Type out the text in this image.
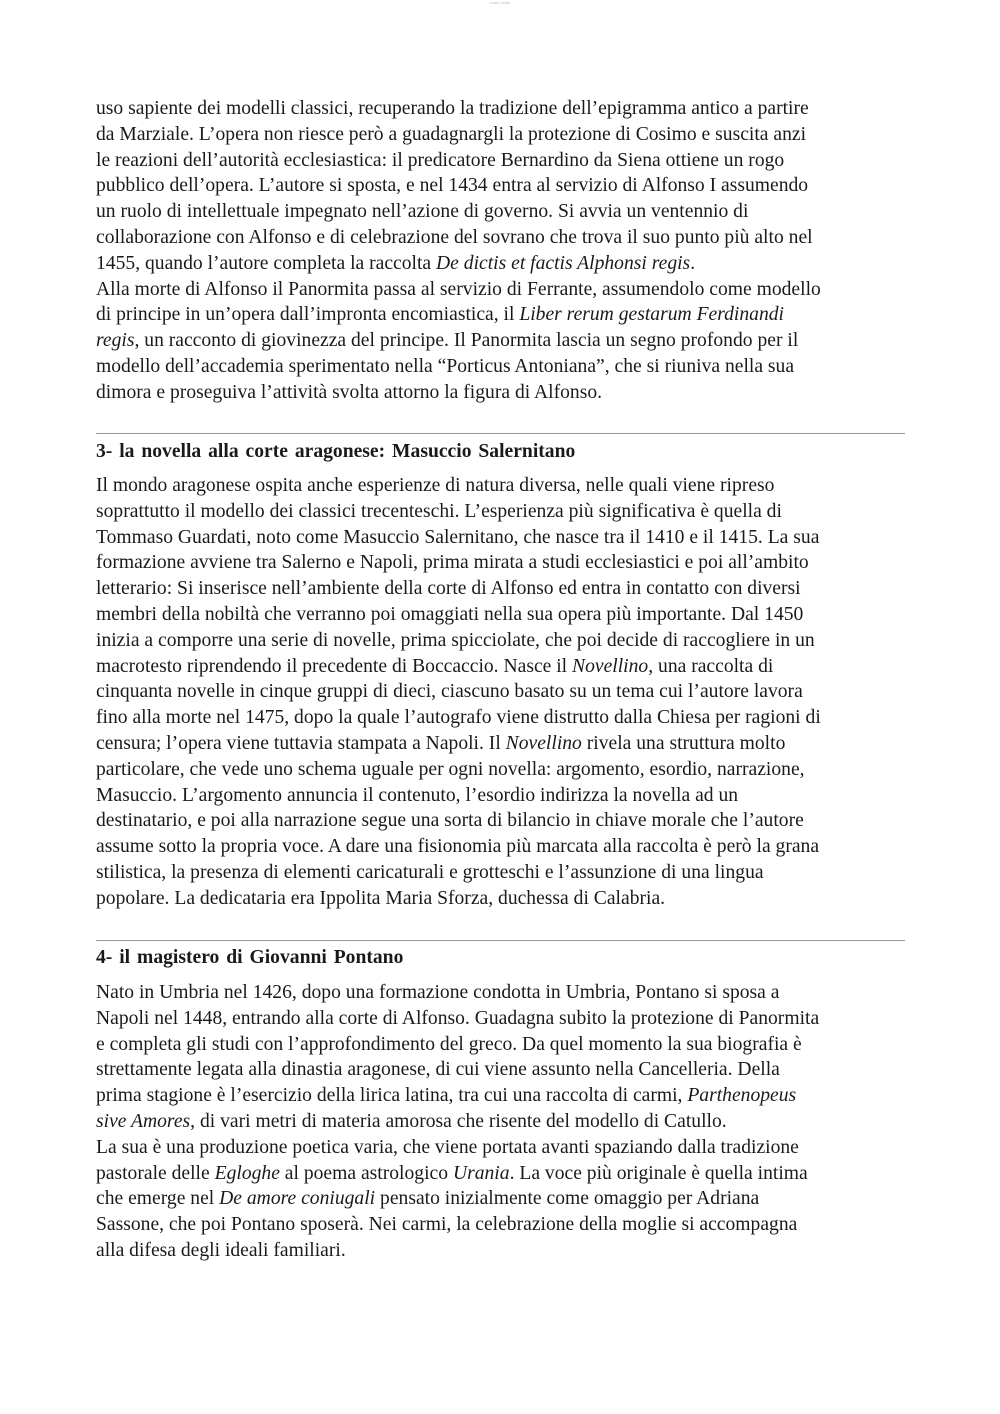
cuarn dostk

uso sapiente dei modelli classici, recuperando la tradizione dell’epigramma antico a partire
da Marziale. L’opera non riesce però a guadagnargli la protezione di Cosimo e suscita anzi
le reazioni dell’autorità ecclesiastica: il predicatore Bernardino da Siena ottiene un rogo
pubblico dell’opera. L’autore si sposta, e nel 1434 entra al servizio di Alfonso I assumendo
un ruolo di intellettuale impegnato nell’azione di governo. Si avvia un ventennio di
collaborazione con Alfonso e di celebrazione del sovrano che trova il suo punto più alto nel
1455, quando l’autore completa la raccolta De dictis et factis Alphonsi regis.

Alla morte di Alfonso il Panormita passa al servizio di Ferrante, assumendolo come modello
di principe in un’opera dall’impronta encomiastica, il Liber rerum gestarum Ferdinandi
regis, un racconto di giovinezza del principe. Il Panormita lascia un segno profondo per il
modello dell’accademia sperimentato nella “Porticus Antoniana”, che si riuniva nella sua
dimora e proseguiva l’attività svolta attorno la figura di Alfonso.

3- la novella alla corte aragonese: Masuccio Salernitano

Il mondo aragonese ospita anche esperienze di natura diversa, nelle quali viene ripreso
soprattutto il modello dei classici trecenteschi. L’esperienza più significativa è quella di
Tommaso Guardati, noto come Masuccio Salernitano, che nasce tra il 1410 e il 1415. La sua
formazione avviene tra Salerno e Napoli, prima mirata a studi ecclesiastici e poi all’ambito
letterario: Si inserisce nell’ambiente della corte di Alfonso ed entra in contatto con diversi
membri della nobiltà che verranno poi omaggiati nella sua opera più importante. Dal 1450
inizia a comporre una serie di novelle, prima spicciolate, che poi decide di raccogliere in un
macrotesto riprendendo il precedente di Boccaccio. Nasce il Novellino, una raccolta di
cinquanta novelle in cinque gruppi di dieci, ciascuno basato su un tema cui l’autore lavora
fino alla morte nel 1475, dopo la quale l’autografo viene distrutto dalla Chiesa per ragioni di
censura; l’opera viene tuttavia stampata a Napoli. Il Novellino rivela una struttura molto
particolare, che vede uno schema uguale per ogni novella: argomento, esordio, narrazione,
Masuccio. L’argomento annuncia il contenuto, l’esordio indirizza la novella ad un
destinatario, e poi alla narrazione segue una sorta di bilancio in chiave morale che l’autore
assume sotto la propria voce. A dare una fisionomia più marcata alla raccolta è però la grana
stilistica, la presenza di elementi caricaturali e grotteschi e l’assunzione di una lingua
popolare. La dedicataria era Ippolita Maria Sforza, duchessa di Calabria.

4- il magistero di Giovanni Pontano

Nato in Umbria nel 1426, dopo una formazione condotta in Umbria, Pontano si sposa a
Napoli nel 1448, entrando alla corte di Alfonso. Guadagna subito la protezione di Panormita
e completa gli studi con l’approfondimento del greco. Da quel momento la sua biografia è
strettamente legata alla dinastia aragonese, di cui viene assunto nella Cancelleria. Della
prima stagione è l’esercizio della lirica latina, tra cui una raccolta di carmi, Parthenopeus
sive Amores, di vari metri di materia amorosa che risente del modello di Catullo.

La sua è una produzione poetica varia, che viene portata avanti spaziando dalla tradizione
pastorale delle Egloghe al poema astrologico Urania. La voce più originale è quella intima
che emerge nel De amore coniugali pensato inizialmente come omaggio per Adriana
Sassone, che poi Pontano sposerà. Nei carmi, la celebrazione della moglie si accompagna
alla difesa degli ideali familiari.
